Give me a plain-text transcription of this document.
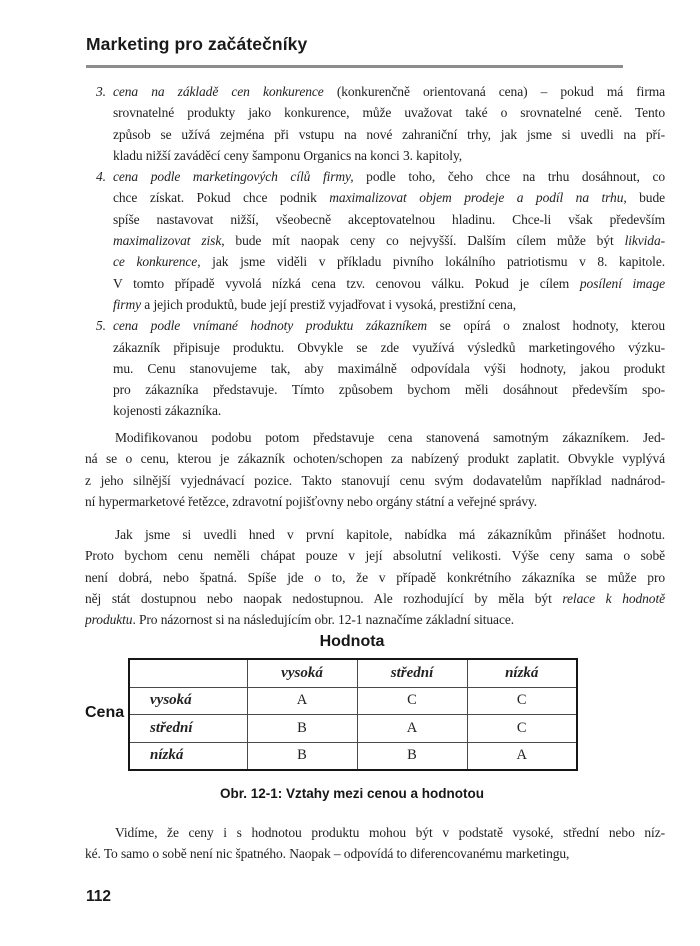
Marketing pro začátečníky
3. cena na základě cen konkurence (konkurenčně orientovaná cena) – pokud má firma
srovnatelné produkty jako konkurence, může uvažovat také o srovnatelné ceně. Tento
způsob se užívá zejména při vstupu na nové zahraniční trhy, jak jsme si uvedli na pří-
kladu nižší zaváděcí ceny šamponu Organics na konci 3. kapitoly,
4. cena podle marketingových cílů firmy, podle toho, čeho chce na trhu dosáhnout, co
chce získat. Pokud chce podnik maximalizovat objem prodeje a podíl na trhu, bude
spíše nastavovat nižší, všeobecně akceptovatelnou hladinu. Chce-li však především
maximalizovat zisk, bude mít naopak ceny co nejvyšší. Dalším cílem může být likvida-
ce konkurence, jak jsme viděli v příkladu pivního lokálního patriotismu v 8. kapitole.
V tomto případě vyvolá nízká cena tzv. cenovou válku. Pokud je cílem posílení image
firmy a jejich produktů, bude její prestiž vyjadřovat i vysoká, prestižní cena,
5. cena podle vnímané hodnoty produktu zákazníkem se opírá o znalost hodnoty, kterou
zákazník připisuje produktu. Obvykle se zde využívá výsledků marketingového výzku-
mu. Cenu stanovujeme tak, aby maximálně odpovídala výši hodnoty, jakou produkt
pro zákazníka představuje. Tímto způsobem bychom měli dosáhnout především spo-
kojenosti zákazníka.
Modifikovanou podobu potom představuje cena stanovená samotným zákazníkem. Jed-
ná se o cenu, kterou je zákazník ochoten/schopen za nabízený produkt zaplatit. Obvykle vyplývá
z jeho silnější vyjednávací pozice. Takto stanovují cenu svým dodavatelům například nadnárod-
ní hypermarketové řetězce, zdravotní pojišťovny nebo orgány státní a veřejné správy.
Jak jsme si uvedli hned v první kapitole, nabídka má zákazníkům přinášet hodnotu.
Proto bychom cenu neměli chápat pouze v její absolutní velikosti. Výše ceny sama o sobě
není dobrá, nebo špatná. Spíše jde o to, že v případě konkrétního zákazníka se může pro
něj stát dostupnou nebo naopak nedostupnou. Ale rozhodující by měla být relace k hodnotě
produktu. Pro názornost si na následujícím obr. 12-1 naznačíme základní situace.
Hodnota
Cena
	vysoká	střední	nízká
vysoká	A	C	C
střední	B	A	C
nízká	B	B	A
Obr. 12-1: Vztahy mezi cenou a hodnotou
Vidíme, že ceny i s hodnotou produktu mohou být v podstatě vysoké, střední nebo níz-
ké. To samo o sobě není nic špatného. Naopak – odpovídá to diferencovanému marketingu,
112
